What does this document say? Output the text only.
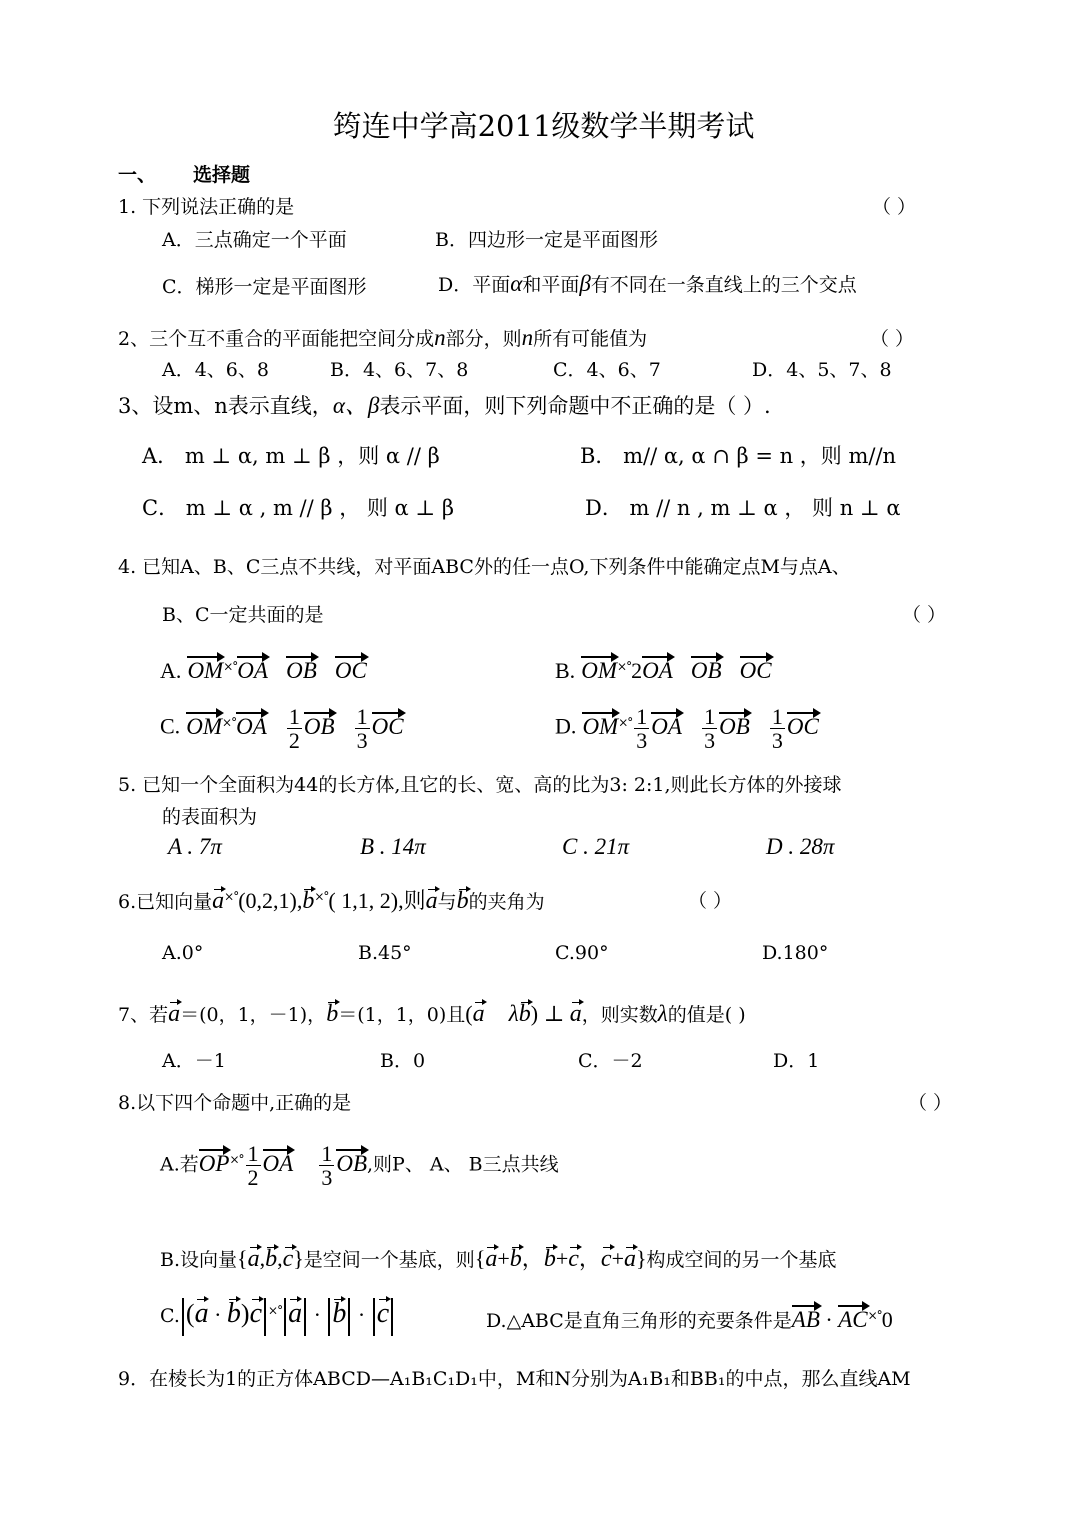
筠连中学高2011级数学半期考试
一、 选择题
1. 下列说法正确的是	（ ）
A．三点确定一个平面	B．四边形一定是平面图形
C．梯形一定是平面图形	D．平面α和平面β有不同在一条直线上的三个交点
2、三个互不重合的平面能把空间分成n部分，则n所有可能值为	（ ）
A．4、6、8	B．4、6、7、8	C．4、6、7	D．4、5、7、8
3、设m、n表示直线，α、β表示平面，则下列命题中不正确的是（ ）.
A． m ⊥ α, m ⊥ β ，则 α // β	B． m// α, α ∩ β = n ，则 m//n
C． m ⊥ α , m // β ， 则 α ⊥ β	D． m // n , m ⊥ α ， 则 n ⊥ α
4. 已知A、B、C三点不共线，对平面ABC外的任一点O,下列条件中能确定点M与点A、
B、C一定共面的是	（ ）
A. OM×°OA OB OC	B. OM×°2OA OB OC
C. $OM^{\times^\circ}OA \frac{1}{2}$ OB $\frac{1}{3}$ OC	D. $OM^{\times^\circ} \frac{1}{3}$ OA $\frac{1}{3}$ OB $\frac{1}{3}$ OC
5. 已知一个全面积为44的长方体,且它的长、宽、高的比为3: 2:1,则此长方体的外接球
的表面积为
A . 7π	B . 14π	C . 21π	D . 28π
6.已知向量a×°(0,2,1),b×°( 1,1, 2),则a与b的夹角为	（ ）
A.0°	B.45°	C.90°	D.180°
7、若a＝(0，1，－1)，b＝(1，1，0)且(a λb) ⊥ a，则实数λ的值是( )
A．－1	B．0	C．－2	D．1
8.以下四个命题中,正确的是	（ ）
A.若$OP^{\times^\circ} \frac{1}{2}$ OA $\frac{1}{3}$ OB,则P、 A、 B三点共线
B.设向量{a,b,c}是空间一个基底，则{a+b，b+c，c+a}构成空间的另一个基底
C. (a · b)c ×° a · b · c	D.△ABC是直角三角形的充要条件是AB · AC×°0
9．在棱长为1的正方体ABCD—A₁B₁C₁D₁中，M和N分别为A₁B₁和BB₁的中点，那么直线AM
